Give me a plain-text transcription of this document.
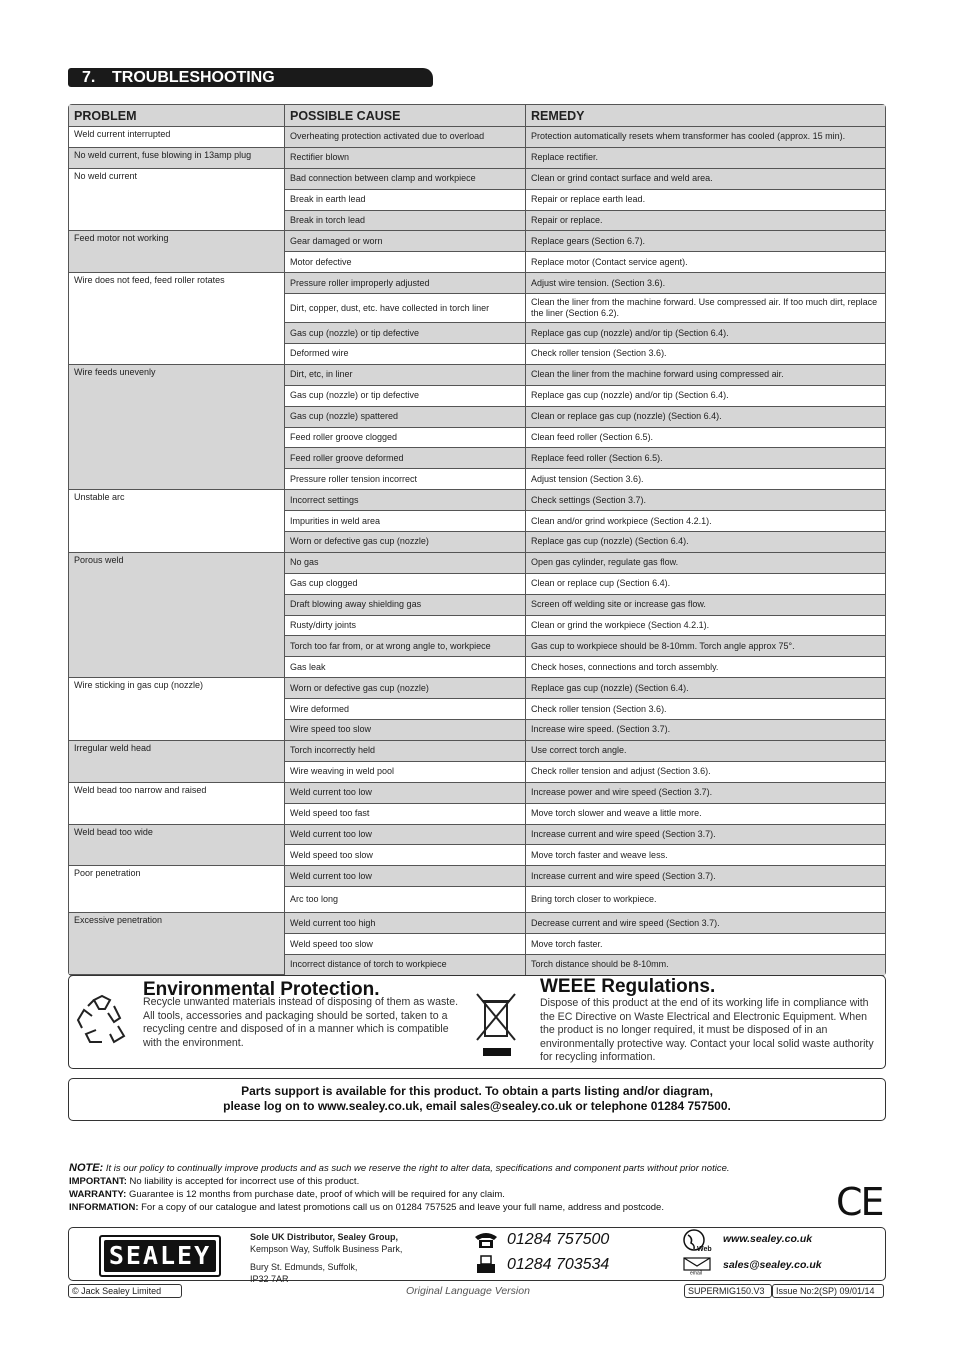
7. TROUBLESHOOTING
PROBLEM	POSSIBLE CAUSE	REMEDY
Weld current interrupted	Overheating protection activated due to overload	Protection automatically resets whem transformer has cooled (approx. 15 min).
No weld current, fuse blowing in 13amp plug	Rectifier blown	Replace rectifier.
No weld current	Bad connection between clamp and workpiece	Clean or grind contact surface and weld area.
	Break in earth lead	Repair or replace earth lead.
	Break in torch lead	Repair or replace.
Feed motor not working	Gear damaged or worn	Replace gears (Section 6.7).
	Motor defective	Replace motor (Contact service agent).
Wire does not feed, feed roller rotates	Pressure roller improperly adjusted	Adjust wire tension. (Section 3.6).
	Dirt, copper, dust, etc. have collected in torch liner	Clean the liner from the machine forward. Use compressed air. If too much dirt, replace the liner (Section 6.2).
	Gas cup (nozzle) or tip defective	Replace gas cup (nozzle) and/or tip (Section 6.4).
	Deformed wire	Check roller tension (Section 3.6).
Wire feeds unevenly	Dirt, etc, in liner	Clean the liner from the machine forward using compressed air.
	Gas cup (nozzle) or tip defective	Replace gas cup (nozzle) and/or tip (Section 6.4).
	Gas cup (nozzle) spattered	Clean or replace gas cup (nozzle) (Section 6.4).
	Feed roller groove clogged	Clean feed roller (Section 6.5).
	Feed roller groove deformed	Replace feed roller (Section 6.5).
	Pressure roller tension incorrect	Adjust tension (Section 3.6).
Unstable arc	Incorrect settings	Check settings (Section 3.7).
	Impurities in weld area	Clean and/or grind workpiece (Section 4.2.1).
	Worn or defective gas cup (nozzle)	Replace gas cup (nozzle) (Section 6.4).
Porous weld	No gas	Open gas cylinder, regulate gas flow.
	Gas cup clogged	Clean or replace cup (Section 6.4).
	Draft blowing away shielding gas	Screen off welding site or increase gas flow.
	Rusty/dirty joints	Clean or grind the workpiece (Section 4.2.1).
	Torch too far from, or at wrong angle to, workpiece	Gas cup to workpiece should be 8-10mm. Torch angle approx 75°.
	Gas leak	Check hoses, connections and torch assembly.
Wire sticking in gas cup (nozzle)	Worn or defective gas cup (nozzle)	Replace gas cup (nozzle) (Section 6.4).
	Wire deformed	Check roller tension (Section 3.6).
	Wire speed too slow	Increase wire speed. (Section 3.7).
Irregular weld head	Torch incorrectly held	Use correct torch angle.
	Wire weaving in weld pool	Check roller tension and adjust (Section 3.6).
Weld bead too narrow and raised	Weld current too low	Increase power and wire speed (Section 3.7).
	Weld speed too fast	Move torch slower and weave a little more.
Weld bead too wide	Weld current too low	Increase current and wire speed (Section 3.7).
	Weld speed too slow	Move torch faster and weave less.
Poor penetration	Weld current too low	Increase current and wire speed (Section 3.7).
	Arc too long	Bring torch closer to workpiece.
Excessive penetration	Weld current too high	Decrease current and wire speed (Section 3.7).
	Weld speed too slow	Move torch faster.
	Incorrect distance of torch to workpiece	Torch distance should be 8-10mm.
Environmental Protection.
Recycle unwanted materials instead of disposing of them as waste. All tools, accessories and packaging should be sorted, taken to a recycling centre and disposed of in a manner which is compatible with the environment.
WEEE Regulations.
Dispose of this product at the end of its working life in compliance with the EC Directive on Waste Electrical and Electronic Equipment. When the product is no longer required, it must be disposed of in an environmentally protective way. Contact your local solid waste authority for recycling information.
Parts support is available for this product. To obtain a parts listing and/or diagram,
please log on to www.sealey.co.uk, email sales@sealey.co.uk or telephone 01284 757500.
NOTE: It is our policy to continually improve products and as such we reserve the right to alter data, specifications and component parts without prior notice.
IMPORTANT: No liability is accepted for incorrect use of this product.
WARRANTY: Guarantee is 12 months from purchase date, proof of which will be required for any claim.
INFORMATION: For a copy of our catalogue and latest promotions call us on 01284 757525 and leave your full name, address and postcode.	CE
SEALEY
Sole UK Distributor, Sealey Group,
Kempson Way, Suffolk Business Park,
Bury St. Edmunds, Suffolk,
IP32 7AR
01284 757500
01284 703534
Web
www.sealey.co.uk
email
sales@sealey.co.uk
© Jack Sealey Limited	Original Language Version	SUPERMIG150.V3	Issue No:2(SP) 09/01/14
